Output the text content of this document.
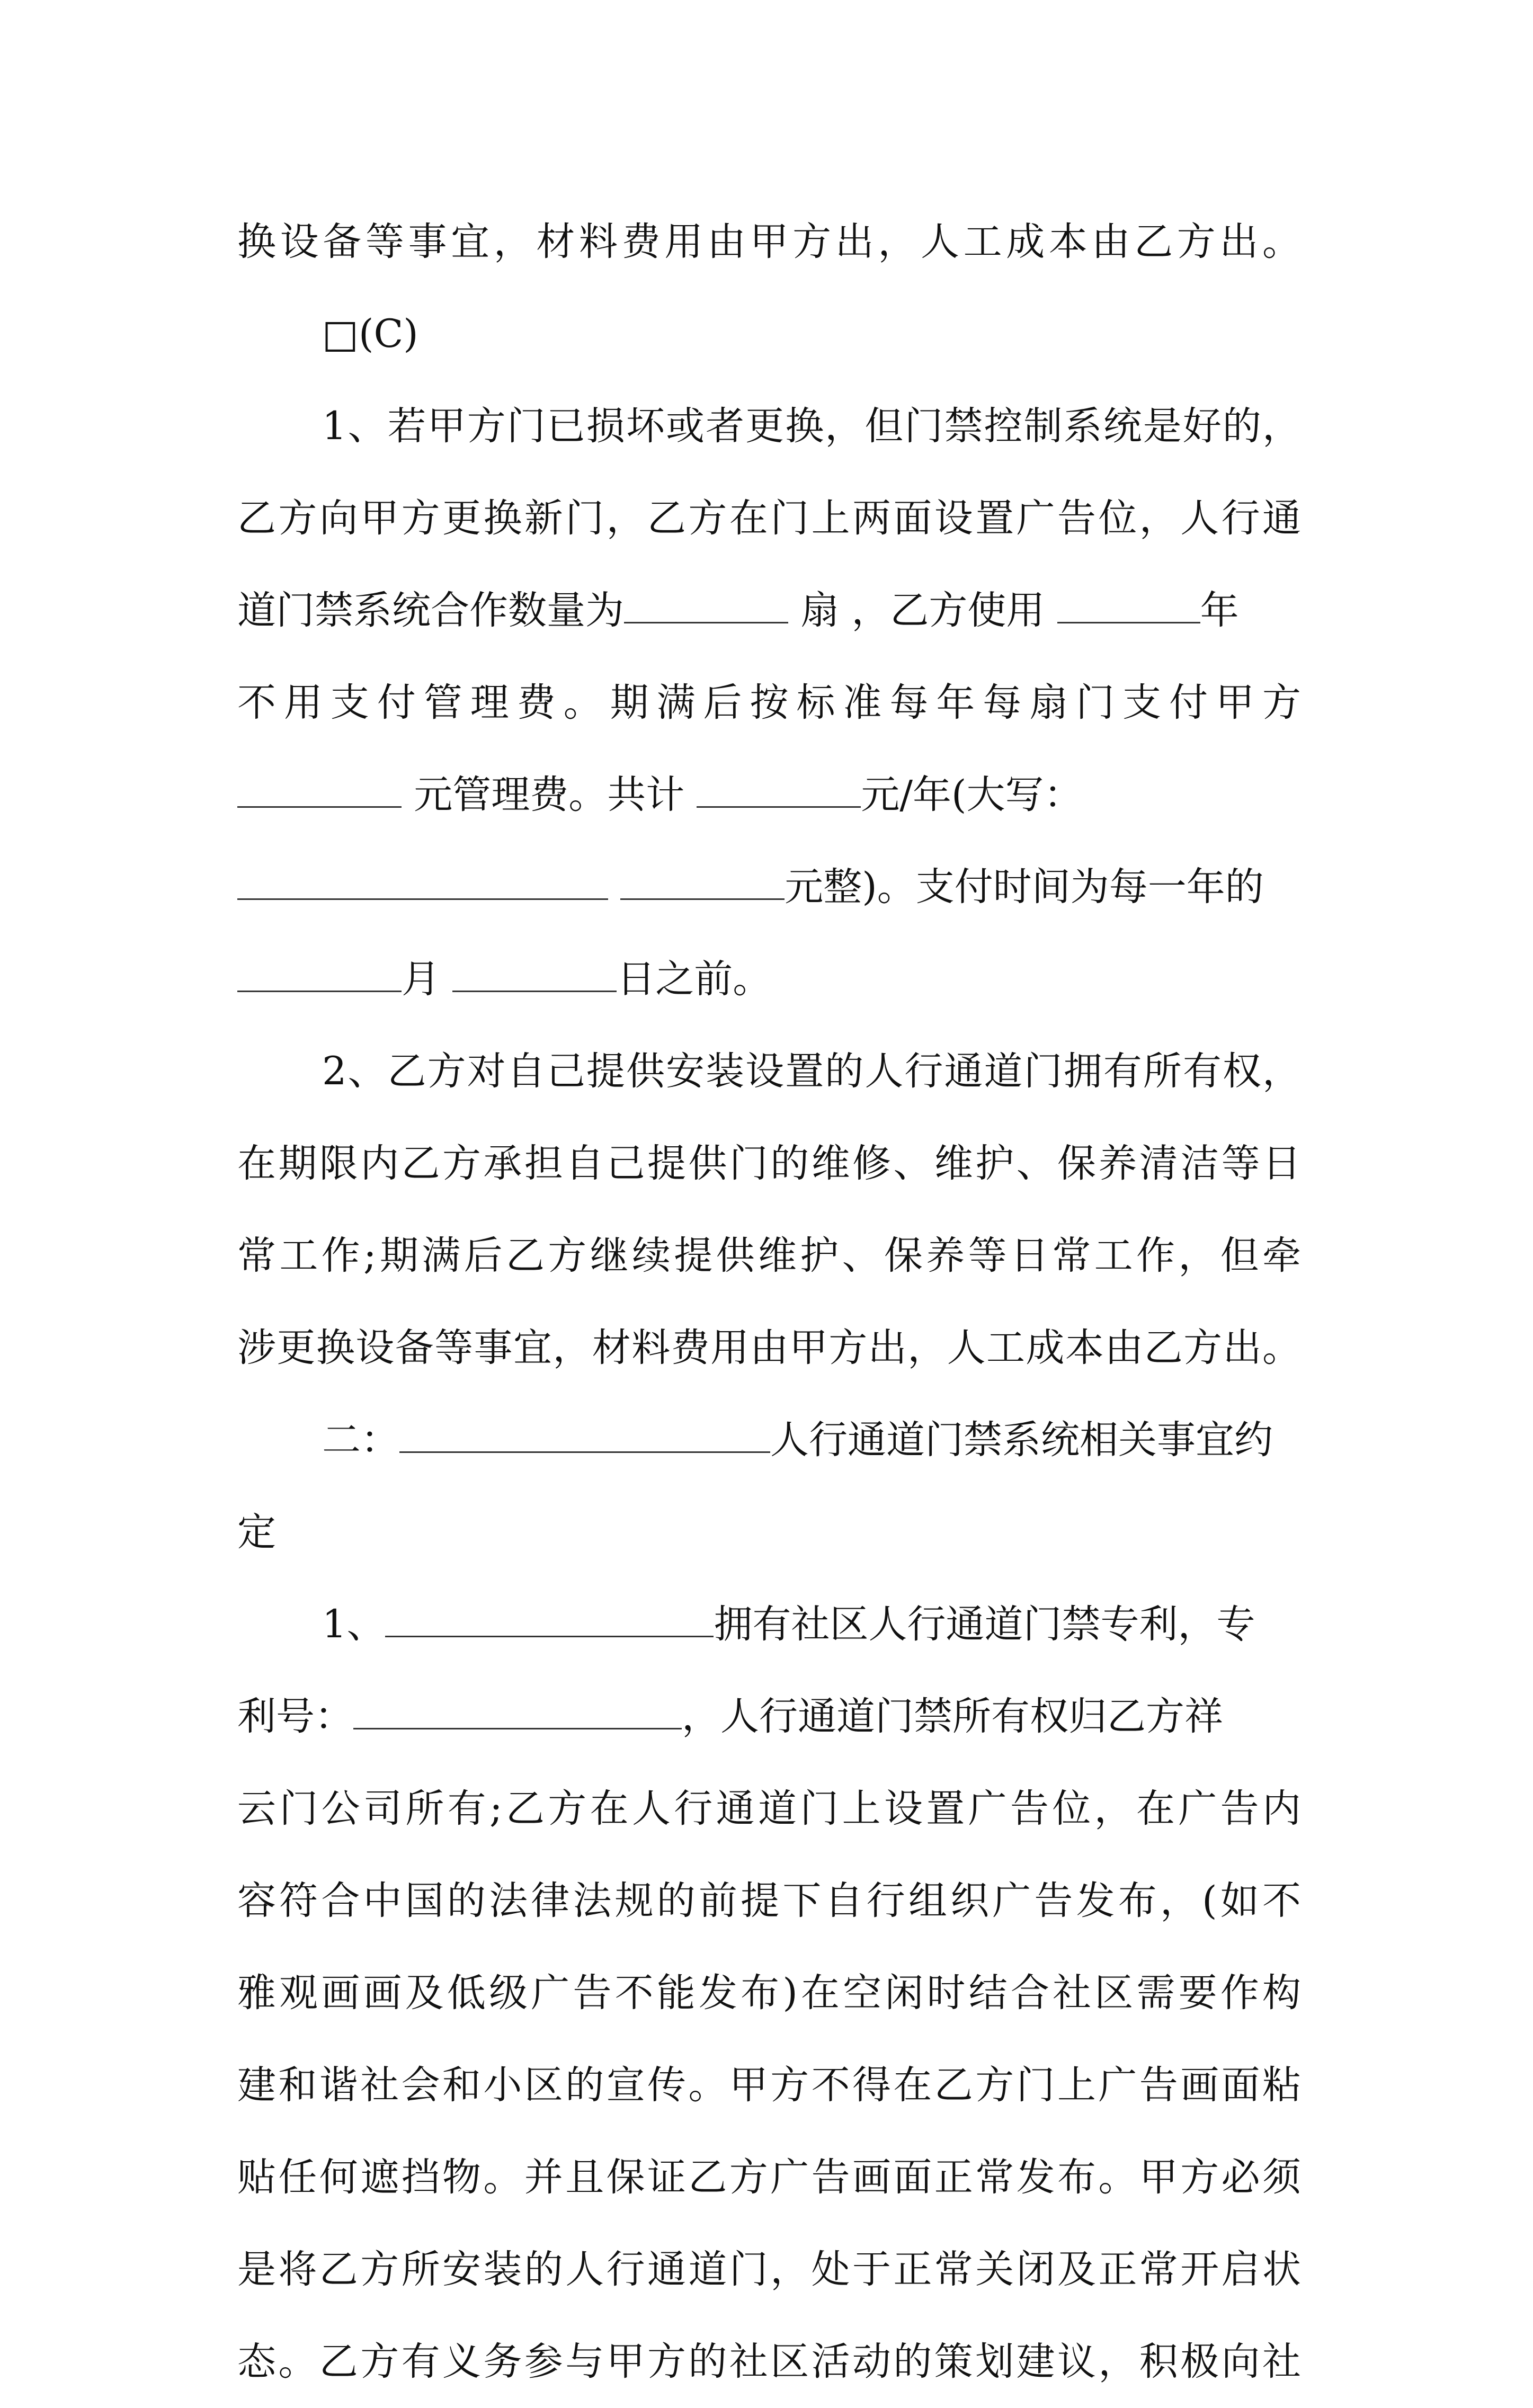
换设备等事宜，材料费用由甲方出，人工成本由乙方出。
□(C)
1、若甲方门已损坏或者更换，但门禁控制系统是好的，
乙方向甲方更换新门，乙方在门上两面设置广告位，人行通
道门禁系统合作数量为	扇 ，乙方使用	年
不用支付管理费。期满后按标准每年每扇门支付甲方
元管理费。共计	元/年(大写：
元整)。支付时间为每一年的
月	日之前。
2、乙方对自己提供安装设置的人行通道门拥有所有权，
在期限内乙方承担自己提供门的维修、维护、保养清洁等日
常工作;期满后乙方继续提供维护、保养等日常工作，但牵
涉更换设备等事宜，材料费用由甲方出，人工成本由乙方出。
二：	人行通道门禁系统相关事宜约
定
1、	拥有社区人行通道门禁专利，专
利号：	，人行通道门禁所有权归乙方祥
云门公司所有;乙方在人行通道门上设置广告位，在广告内
容符合中国的法律法规的前提下自行组织广告发布，(如不
雅观画画及低级广告不能发布)在空闲时结合社区需要作构
建和谐社会和小区的宣传。甲方不得在乙方门上广告画面粘
贴任何遮挡物。并且保证乙方广告画面正常发布。甲方必须
是将乙方所安装的人行通道门，处于正常关闭及正常开启状
态。乙方有义务参与甲方的社区活动的策划建议，积极向社
